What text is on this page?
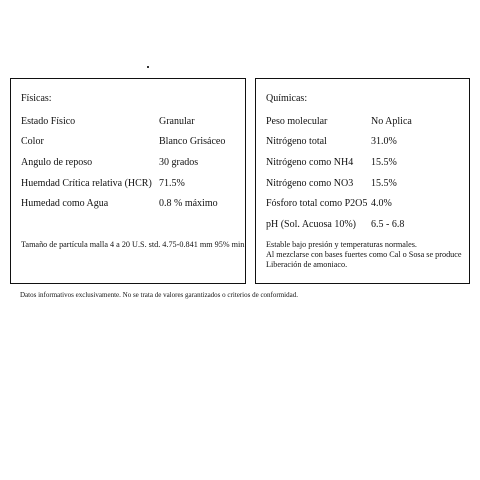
Físicas:
Estado Físico	Granular
Color	Blanco Grisáceo
Angulo de reposo	30 grados
Huemdad Crítica relativa (HCR) 71.5%
Humedad como Agua	0.8 % máximo
Tamaño de partícula malla 4 a 20 U.S. std. 4.75-0.841 mm 95% min.
Químicas:
Peso molecular	No Aplica
Nitrógeno total	31.0%
Nitrógeno como NH4 15.5%
Nitrógeno como NO3 15.5%
Fósforo total como P2O5 4.0%
pH (Sol. Acuosa 10%) 6.5 - 6.8
Estable bajo presión y temperaturas normales.
Al mezclarse con bases fuertes como Cal o Sosa se produce
Liberación de amoniaco.
Datos informativos exclusivamente. No se trata de valores garantizados o criterios de conformidad.
